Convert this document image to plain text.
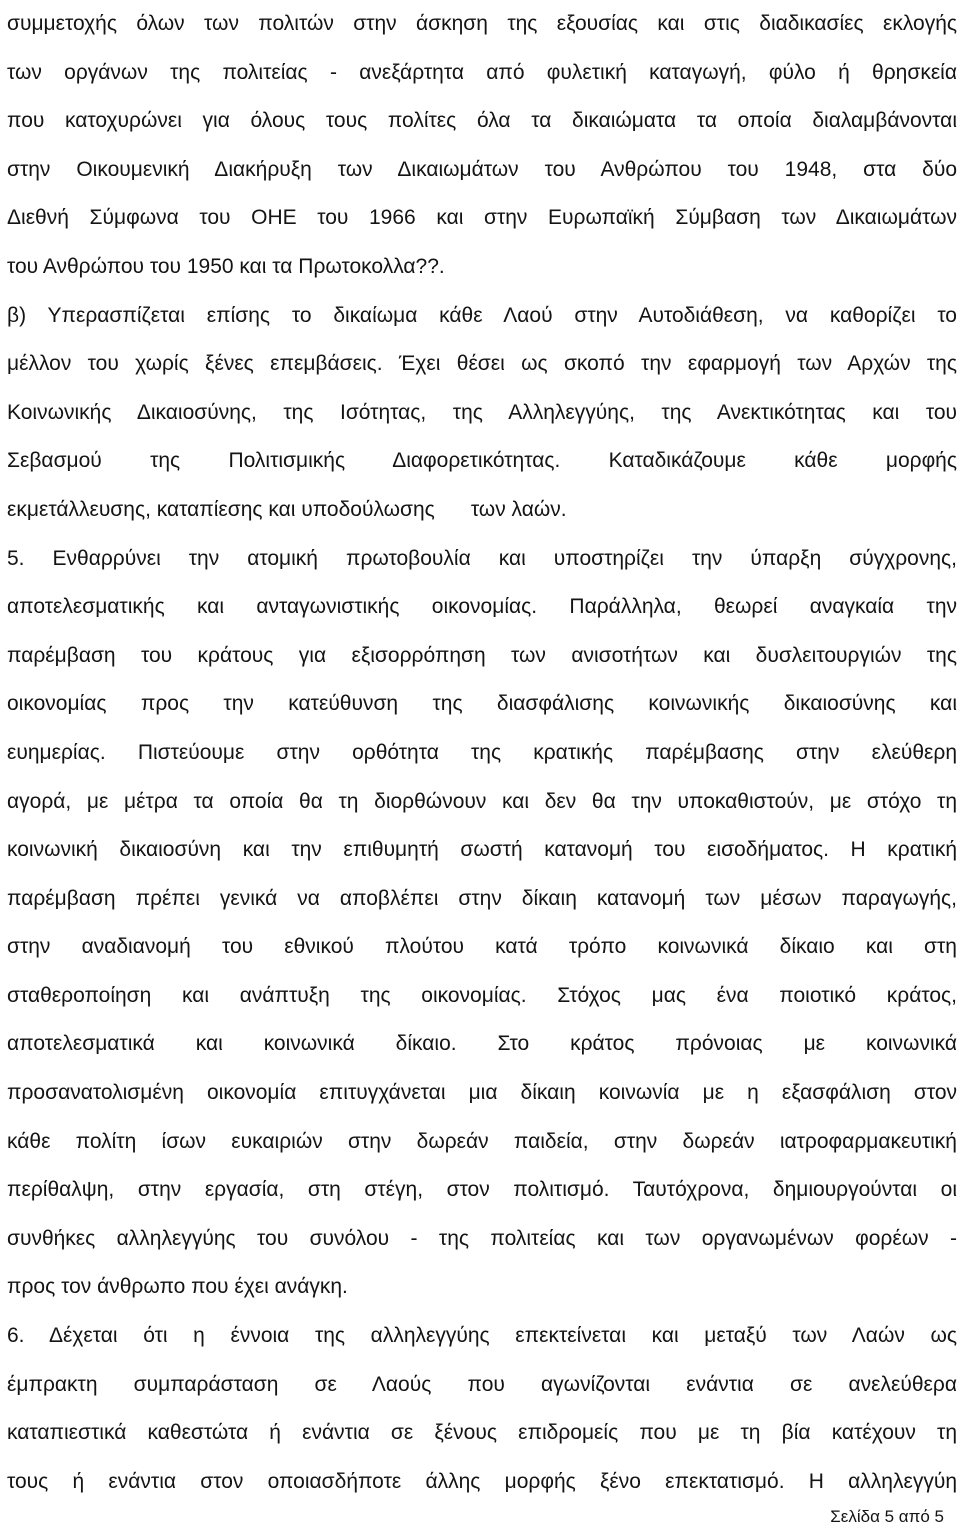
συμμετοχής όλων των πολιτών στην άσκηση της εξουσίας και στις διαδικασίες εκλογής
των οργάνων της πολιτείας - ανεξάρτητα από φυλετική καταγωγή, φύλο ή θρησκεία
που κατοχυρώνει για όλους τους πολίτες όλα τα δικαιώματα τα οποία διαλαμβάνονται
στην Οικουμενική Διακήρυξη των Δικαιωμάτων του Ανθρώπου του 1948, στα δύο
Διεθνή Σύμφωνα του ΟΗΕ του 1966 και στην Ευρωπαϊκή Σύμβαση των Δικαιωμάτων
του Ανθρώπου του 1950 και τα Πρωτοκολλα??.
β) Υπερασπίζεται επίσης το δικαίωμα κάθε Λαού στην Αυτοδιάθεση, να καθορίζει το
μέλλον του χωρίς ξένες επεμβάσεις. Έχει θέσει ως σκοπό την εφαρμογή των Αρχών της
Κοινωνικής Δικαιοσύνης, της Ισότητας, της Αλληλεγγύης, της Ανεκτικότητας και του
Σεβασμού της Πολιτισμικής Διαφορετικότητας. Καταδικάζουμε κάθε μορφής
εκμετάλλευσης, καταπίεσης και υποδούλωσης των λαών.
5. Ενθαρρύνει την ατομική πρωτοβουλία και υποστηρίζει την ύπαρξη σύγχρονης,
αποτελεσματικής και ανταγωνιστικής οικονομίας. Παράλληλα, θεωρεί αναγκαία την
παρέμβαση του κράτους για εξισορρόπηση των ανισοτήτων και δυσλειτουργιών της
οικονομίας προς την κατεύθυνση της διασφάλισης κοινωνικής δικαιοσύνης και
ευημερίας. Πιστεύουμε στην ορθότητα της κρατικής παρέμβασης στην ελεύθερη
αγορά, με μέτρα τα οποία θα τη διορθώνουν και δεν θα την υποκαθιστούν, με στόχο τη
κοινωνική δικαιοσύνη και την επιθυμητή σωστή κατανομή του εισοδήματος. Η κρατική
παρέμβαση πρέπει γενικά να αποβλέπει στην δίκαιη κατανομή των μέσων παραγωγής,
στην αναδιανομή του εθνικού πλούτου κατά τρόπο κοινωνικά δίκαιο και στη
σταθεροποίηση και ανάπτυξη της οικονομίας. Στόχος μας ένα ποιοτικό κράτος,
αποτελεσματικά και κοινωνικά δίκαιο. Στο κράτος πρόνοιας με κοινωνικά
προσανατολισμένη οικονομία επιτυγχάνεται μια δίκαιη κοινωνία με η εξασφάλιση στον
κάθε πολίτη ίσων ευκαιριών στην δωρεάν παιδεία, στην δωρεάν ιατροφαρμακευτική
περίθαλψη, στην εργασία, στη στέγη, στον πολιτισμό. Ταυτόχρονα, δημιουργούνται οι
συνθήκες αλληλεγγύης του συνόλου - της πολιτείας και των οργανωμένων φορέων -
προς τον άνθρωπο που έχει ανάγκη.
6. Δέχεται ότι η έννοια της αλληλεγγύης επεκτείνεται και μεταξύ των Λαών ως
έμπρακτη συμπαράσταση σε Λαούς που αγωνίζονται ενάντια σε ανελεύθερα
καταπιεστικά καθεστώτα ή ενάντια σε ξένους επιδρομείς που με τη βία κατέχουν τη
τους ή ενάντια στον οποιασδήποτε άλλης μορφής ξένο επεκτατισμό. Η αλληλεγγύη
Σελίδα 5 από 5
